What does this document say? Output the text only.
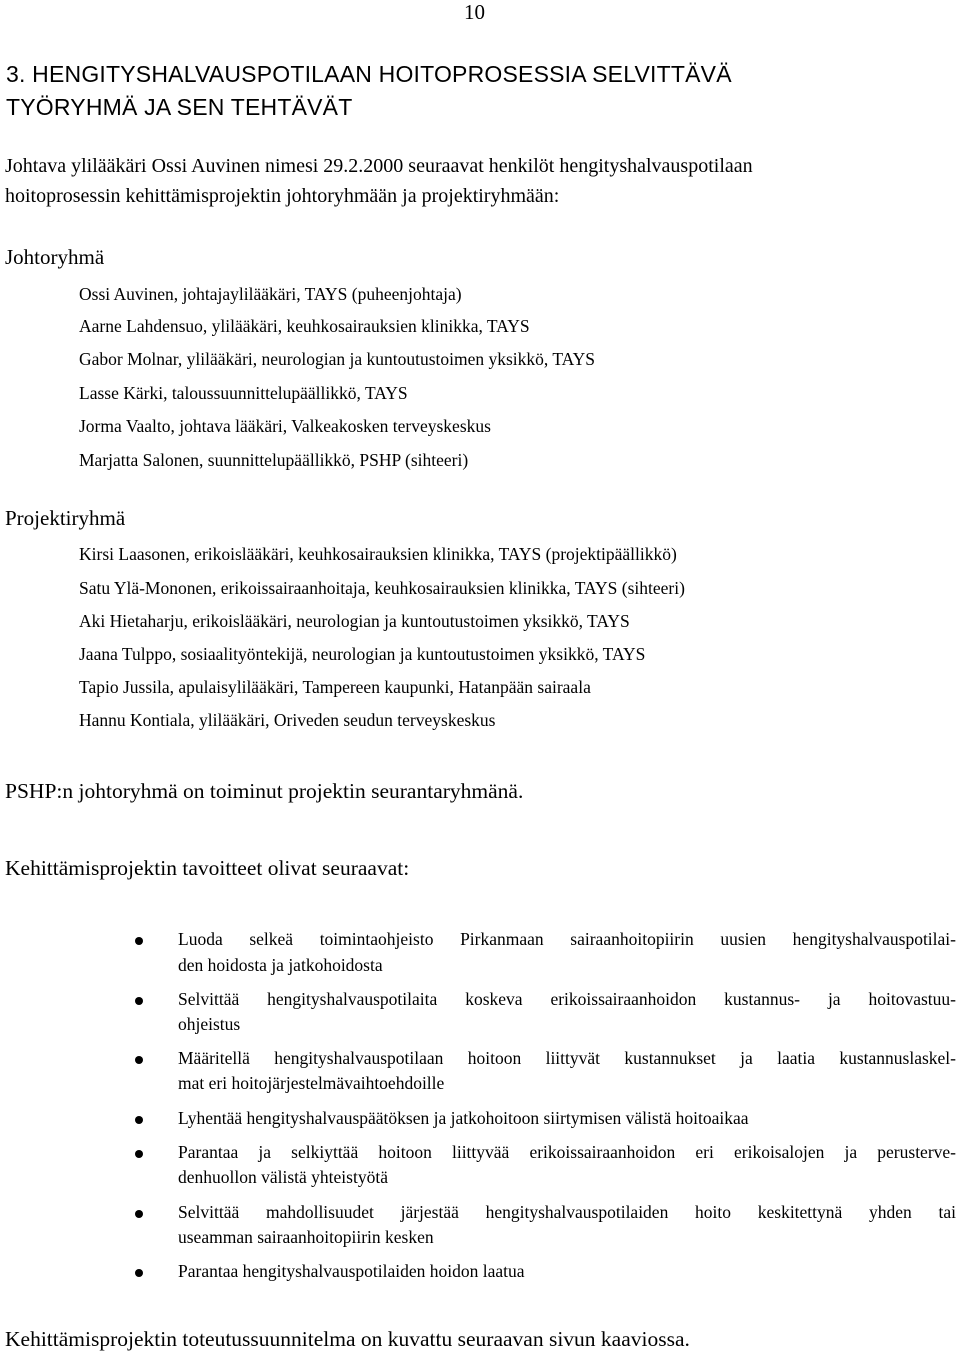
10
3. HENGITYSHALVAUSPOTILAAN HOITOPROSESSIA SELVITTÄVÄ
TYÖRYHMÄ JA SEN TEHTÄVÄT
Johtava ylilääkäri Ossi Auvinen nimesi 29.2.2000 seuraavat henkilöt hengityshalvauspotilaan
hoitoprosessin kehittämisprojektin johtoryhmään ja projektiryhmään:
Johtoryhmä
Ossi Auvinen, johtajaylilääkäri, TAYS (puheenjohtaja)
Aarne Lahdensuo, ylilääkäri, keuhkosairauksien klinikka, TAYS
Gabor Molnar, ylilääkäri, neurologian ja kuntoutustoimen yksikkö, TAYS
Lasse Kärki, taloussuunnittelupäällikkö, TAYS
Jorma Vaalto, johtava lääkäri, Valkeakosken terveyskeskus
Marjatta Salonen, suunnittelupäällikkö, PSHP (sihteeri)
Projektiryhmä
Kirsi Laasonen, erikoislääkäri, keuhkosairauksien klinikka, TAYS (projektipäällikkö)
Satu Ylä-Mononen, erikoissairaanhoitaja, keuhkosairauksien klinikka, TAYS (sihteeri)
Aki Hietaharju, erikoislääkäri, neurologian ja kuntoutustoimen yksikkö, TAYS
Jaana Tulppo, sosiaalityöntekijä, neurologian ja kuntoutustoimen yksikkö, TAYS
Tapio Jussila, apulaisylilääkäri, Tampereen kaupunki, Hatanpään sairaala
Hannu Kontiala, ylilääkäri, Oriveden seudun terveyskeskus
PSHP:n johtoryhmä on toiminut projektin seurantaryhmänä.
Kehittämisprojektin tavoitteet olivat seuraavat:
Luoda selkeä toimintaohjeisto Pirkanmaan sairaanhoitopiirin uusien hengityshalvauspotilai-
den hoidosta ja jatkohoidosta
Selvittää hengityshalvauspotilaita koskeva erikoissairaanhoidon kustannus- ja hoitovastuu-
ohjeistus
Määritellä hengityshalvauspotilaan hoitoon liittyvät kustannukset ja laatia kustannuslaskel-
mat eri hoitojärjestelmävaihtoehdoille
Lyhentää hengityshalvauspäätöksen ja jatkohoitoon siirtymisen välistä hoitoaikaa
Parantaa ja selkiyttää hoitoon liittyvää erikoissairaanhoidon eri erikoisalojen ja perusterve-
denhuollon välistä yhteistyötä
Selvittää mahdollisuudet järjestää hengityshalvauspotilaiden hoito keskitettynä yhden tai
useamman sairaanhoitopiirin kesken
Parantaa hengityshalvauspotilaiden hoidon laatua
Kehittämisprojektin toteutussuunnitelma on kuvattu seuraavan sivun kaaviossa.
